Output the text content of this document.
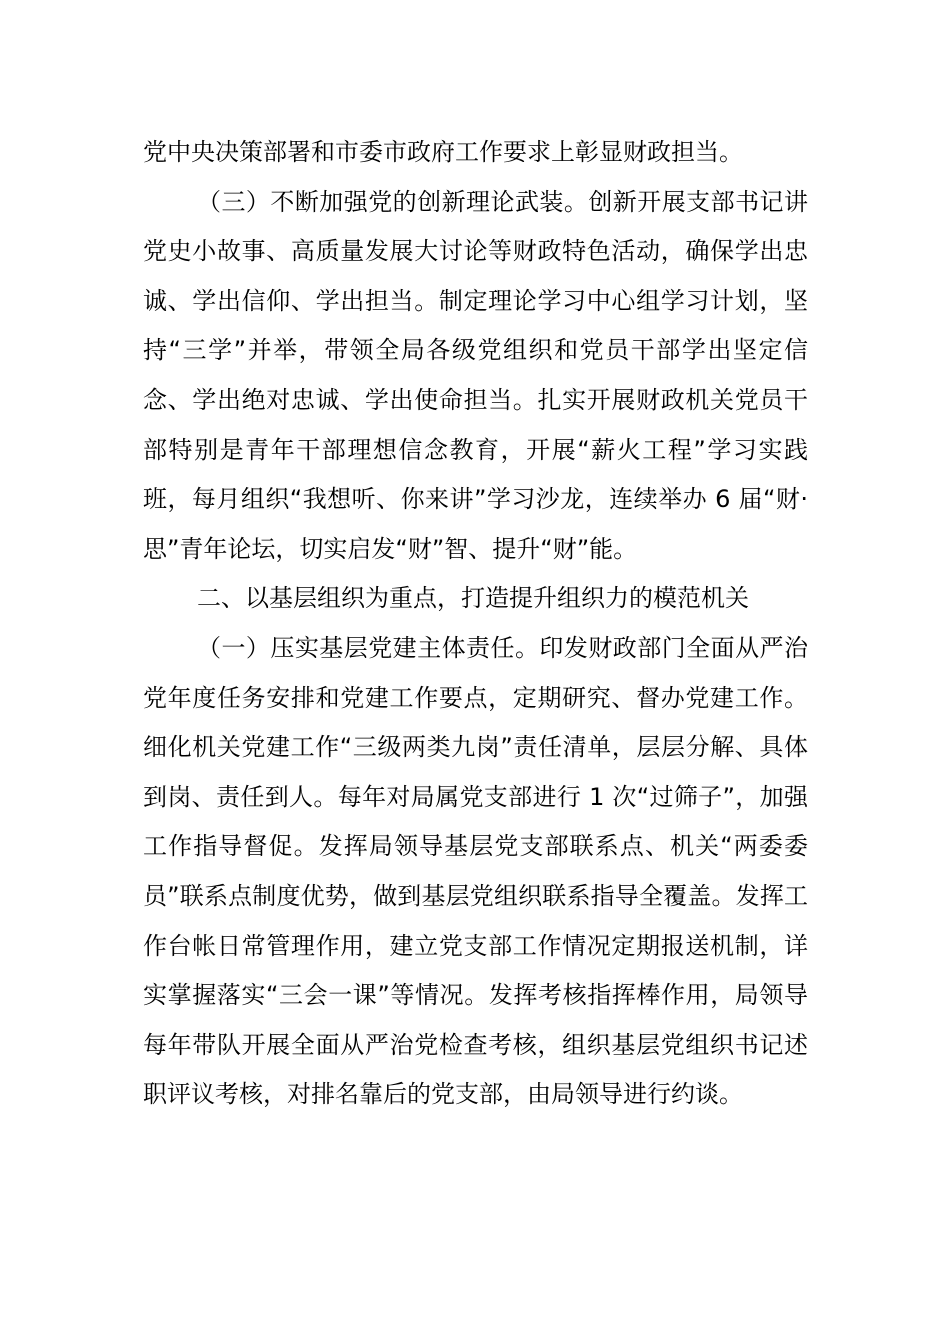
党中央决策部署和市委市政府工作要求上彰显财政担当。

（三）不断加强党的创新理论武装。创新开展支部书记讲党史小故事、高质量发展大讨论等财政特色活动，确保学出忠诚、学出信仰、学出担当。制定理论学习中心组学习计划，坚持“三学”并举，带领全局各级党组织和党员干部学出坚定信念、学出绝对忠诚、学出使命担当。扎实开展财政机关党员干部特别是青年干部理想信念教育，开展“薪火工程”学习实践班，每月组织“我想听、你来讲”学习沙龙，连续举办 6 届“财·思”青年论坛，切实启发“财”智、提升“财”能。

二、以基层组织为重点，打造提升组织力的模范机关

（一）压实基层党建主体责任。印发财政部门全面从严治党年度任务安排和党建工作要点，定期研究、督办党建工作。细化机关党建工作“三级两类九岗”责任清单，层层分解、具体到岗、责任到人。每年对局属党支部进行 1 次“过筛子”，加强工作指导督促。发挥局领导基层党支部联系点、机关“两委委员”联系点制度优势，做到基层党组织联系指导全覆盖。发挥工作台帐日常管理作用，建立党支部工作情况定期报送机制，详实掌握落实“三会一课”等情况。发挥考核指挥棒作用，局领导每年带队开展全面从严治党检查考核，组织基层党组织书记述职评议考核，对排名靠后的党支部，由局领导进行约谈。
